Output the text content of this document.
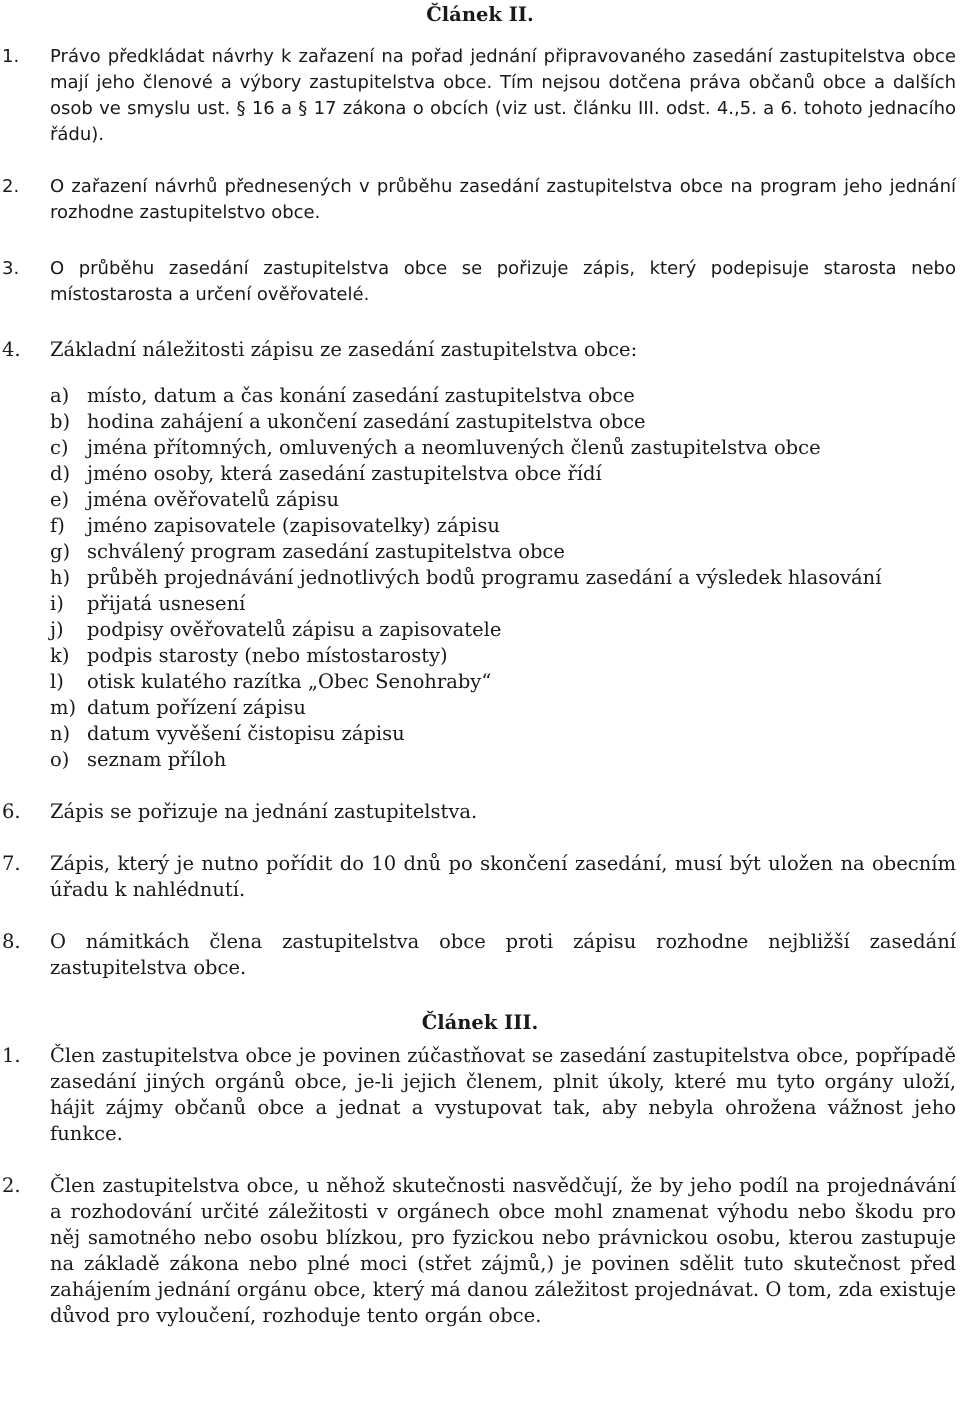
Článek II.
1.	Právo předkládat návrhy k zařazení na pořad jednání připravovaného zasedání zastupitelstva obce mají jeho členové a výbory zastupitelstva obce. Tím nejsou dotčena práva občanů obce a dalších osob ve smyslu ust. § 16 a § 17 zákona o obcích (viz ust. článku III. odst. 4.,5. a 6. tohoto jednacího řádu).
2.	O zařazení návrhů přednesených v průběhu zasedání zastupitelstva obce na program jeho jednání rozhodne zastupitelstvo obce.
3.	O průběhu zasedání zastupitelstva obce se pořizuje zápis, který podepisuje starosta nebo místostarosta a určení ověřovatelé.
4.	Základní náležitosti zápisu ze zasedání zastupitelstva obce:
a) místo, datum a čas konání zasedání zastupitelstva obce
b) hodina zahájení a ukončení zasedání zastupitelstva obce
c) jména přítomných, omluvených a neomluvených členů zastupitelstva obce
d) jméno osoby, která zasedání zastupitelstva obce řídí
e) jména ověřovatelů zápisu
f)	jméno zapisovatele (zapisovatelky) zápisu
g) schválený program zasedání zastupitelstva obce
h) průběh projednávání jednotlivých bodů programu zasedání a výsledek hlasování
i)	přijatá usnesení
j)	podpisy ověřovatelů zápisu a zapisovatele
k) podpis starosty (nebo místostarosty)
l)	otisk kulatého razítka „Obec Senohraby“
m) datum pořízení zápisu
n) datum vyvěšení čistopisu zápisu
o) seznam příloh
6.	Zápis se pořizuje na jednání zastupitelstva.
7.	Zápis, který je nutno pořídit do 10 dnů po skončení zasedání, musí být uložen na obecním úřadu k nahlédnutí.
8.	O námitkách člena zastupitelstva obce proti zápisu rozhodne nejbližší zasedání zastupitelstva obce.
Článek III.
1.	Člen zastupitelstva obce je povinen zúčastňovat se zasedání zastupitelstva obce, popřípadě zasedání jiných orgánů obce, je-li jejich členem, plnit úkoly, které mu tyto orgány uloží, hájit zájmy občanů obce a jednat a vystupovat tak, aby nebyla ohrožena vážnost jeho funkce.
2.	Člen zastupitelstva obce, u něhož skutečnosti nasvědčují, že by jeho podíl na projednávání a rozhodování určité záležitosti v orgánech obce mohl znamenat výhodu nebo škodu pro něj samotného nebo osobu blízkou, pro fyzickou nebo právnickou osobu, kterou zastupuje na základě zákona nebo plné moci (střet zájmů,) je povinen sdělit tuto skutečnost před zahájením jednání orgánu obce, který má danou záležitost projednávat. O tom, zda existuje důvod pro vyloučení, rozhoduje tento orgán obce.
